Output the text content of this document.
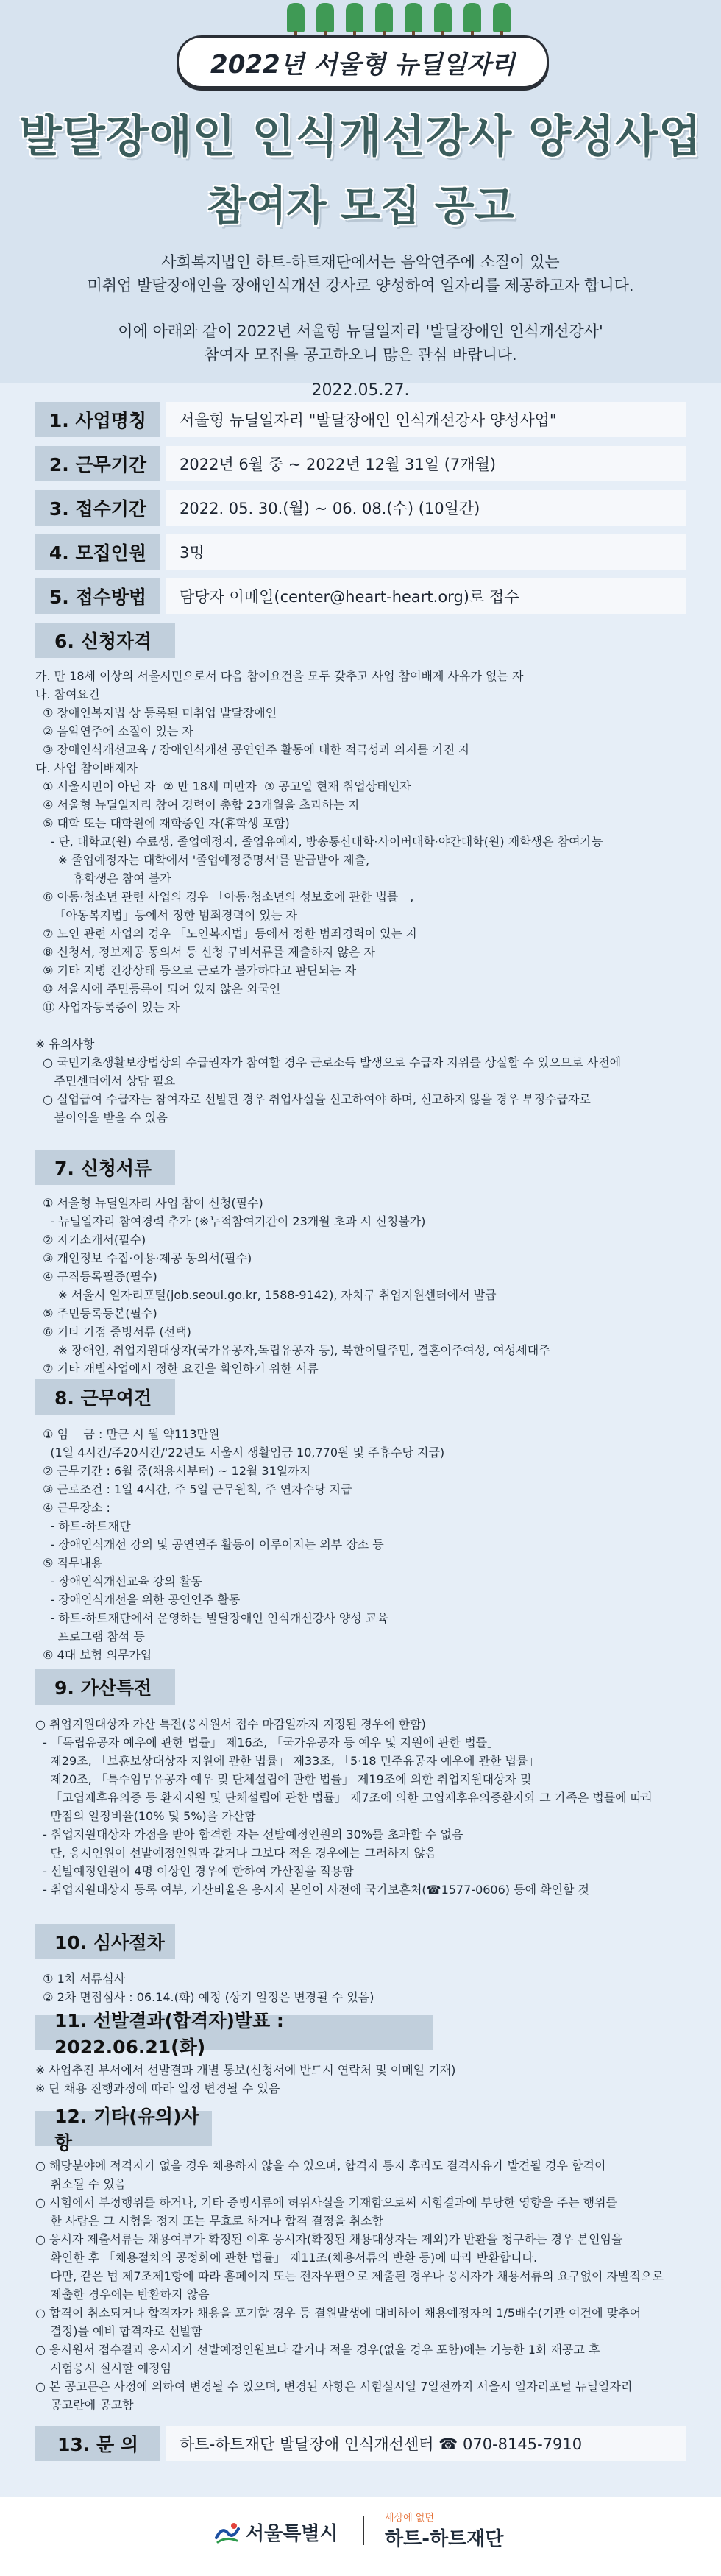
2022년 서울형 뉴딜일자리
발달장애인 인식개선강사 양성사업
참여자 모집 공고
사회복지법인 하트-하트재단에서는 음악연주에 소질이 있는
미취업 발달장애인을 장애인식개선 강사로 양성하여 일자리를 제공하고자 합니다.
이에 아래와 같이 2022년 서울형 뉴딜일자리 '발달장애인 인식개선강사'
참여자 모집을 공고하오니 많은 관심 바랍니다.
2022.05.27.
1. 사업명칭	서울형 뉴딜일자리 "발달장애인 인식개선강사 양성사업"
2. 근무기간	2022년 6월 중 ~ 2022년 12월 31일 (7개월)
3. 접수기간	2022. 05. 30.(월) ~ 06. 08.(수) (10일간)
4. 모집인원	3명
5. 접수방법	담당자 이메일(center@heart-heart.org)로 접수
6. 신청자격
가. 만 18세 이상의 서울시민으로서 다음 참여요건을 모두 갖추고 사업 참여배제 사유가 없는 자
나. 참여요건
① 장애인복지법 상 등록된 미취업 발달장애인
② 음악연주에 소질이 있는 자
③ 장애인식개선교육 / 장애인식개선 공연연주 활동에 대한 적극성과 의지를 가진 자
다. 사업 참여배제자
① 서울시민이 아닌 자  ② 만 18세 미만자  ③ 공고일 현재 취업상태인자
④ 서울형 뉴딜일자리 참여 경력이 총합 23개월을 초과하는 자
⑤ 대학 또는 대학원에 재학중인 자(휴학생 포함)
- 단, 대학교(원) 수료생, 졸업예정자, 졸업유예자, 방송통신대학·사이버대학·야간대학(원) 재학생은 참여가능
※ 졸업예정자는 대학에서 '졸업예정증명서'를 발급받아 제출,
휴학생은 참여 불가
⑥ 아동·청소년 관련 사업의 경우 「아동·청소년의 성보호에 관한 법률」,
「아동복지법」등에서 정한 범죄경력이 있는 자
⑦ 노인 관련 사업의 경우 「노인복지법」등에서 정한 범죄경력이 있는 자
⑧ 신청서, 정보제공 동의서 등 신청 구비서류를 제출하지 않은 자
⑨ 기타 지병 건강상태 등으로 근로가 불가하다고 판단되는 자
⑩ 서울시에 주민등록이 되어 있지 않은 외국인
⑪ 사업자등록증이 있는 자

※ 유의사항
○ 국민기초생활보장법상의 수급권자가 참여할 경우 근로소득 발생으로 수급자 지위를 상실할 수 있으므로 사전에
주민센터에서 상담 필요
○ 실업급여 수급자는 참여자로 선발된 경우 취업사실을 신고하여야 하며, 신고하지 않을 경우 부정수급자로
불이익을 받을 수 있음
7. 신청서류
① 서울형 뉴딜일자리 사업 참여 신청(필수)
- 뉴딜일자리 참여경력 추가 (※누적참여기간이 23개월 초과 시 신청불가)
② 자기소개서(필수)
③ 개인정보 수집·이용·제공 동의서(필수)
④ 구직등록필증(필수)
※ 서울시 일자리포털(job.seoul.go.kr, 1588-9142), 자치구 취업지원센터에서 발급
⑤ 주민등록등본(필수)
⑥ 기타 가점 증빙서류 (선택)
※ 장애인, 취업지원대상자(국가유공자,독립유공자 등), 북한이탈주민, 결혼이주여성, 여성세대주
⑦ 기타 개별사업에서 정한 요건을 확인하기 위한 서류
8. 근무여건
① 임    금 : 만근 시 월 약113만원
(1일 4시간/주20시간/'22년도 서울시 생활임금 10,770원 및 주휴수당 지급)
② 근무기간 : 6월 중(채용시부터) ~ 12월 31일까지
③ 근로조건 : 1일 4시간, 주 5일 근무원칙, 주 연차수당 지급
④ 근무장소 :
- 하트-하트재단
- 장애인식개선 강의 및 공연연주 활동이 이루어지는 외부 장소 등
⑤ 직무내용
- 장애인식개선교육 강의 활동
- 장애인식개선을 위한 공연연주 활동
- 하트-하트재단에서 운영하는 발달장애인 인식개선강사 양성 교육
프로그램 참석 등
⑥ 4대 보험 의무가입
9. 가산특전
○ 취업지원대상자 가산 특전(응시원서 접수 마감일까지 지정된 경우에 한함)
- 「독립유공자 예우에 관한 법률」 제16조, 「국가유공자 등 예우 및 지원에 관한 법률」
제29조, 「보훈보상대상자 지원에 관한 법률」 제33조, 「5·18 민주유공자 예우에 관한 법률」
제20조, 「특수임무유공자 예우 및 단체설립에 관한 법률」 제19조에 의한 취업지원대상자 및
「고엽제후유의증 등 환자지원 및 단체설립에 관한 법률」 제7조에 의한 고엽제후유의증환자와 그 가족은 법률에 따라
만점의 일정비율(10% 및 5%)을 가산함
- 취업지원대상자 가점을 받아 합격한 자는 선발예정인원의 30%를 초과할 수 없음
단, 응시인원이 선발예정인원과 같거나 그보다 적은 경우에는 그러하지 않음
- 선발예정인원이 4명 이상인 경우에 한하여 가산점을 적용함
- 취업지원대상자 등록 여부, 가산비율은 응시자 본인이 사전에 국가보훈처(☎1577-0606) 등에 확인할 것
10. 심사절차
① 1차 서류심사
② 2차 면접심사 : 06.14.(화) 예정 (상기 일정은 변경될 수 있음)
11. 선발결과(합격자)발표 : 2022.06.21(화)
※ 사업추진 부서에서 선발결과 개별 통보(신청서에 반드시 연락처 및 이메일 기재)
※ 단 채용 진행과정에 따라 일정 변경될 수 있음
12. 기타(유의)사항
○ 해당분야에 적격자가 없을 경우 채용하지 않을 수 있으며, 합격자 통지 후라도 결격사유가 발견될 경우 합격이
취소될 수 있음
○ 시험에서 부정행위를 하거나, 기타 증빙서류에 허위사실을 기재함으로써 시험결과에 부당한 영향을 주는 행위를
한 사람은 그 시험을 정지 또는 무효로 하거나 합격 결정을 취소함
○ 응시자 제출서류는 채용여부가 확정된 이후 응시자(확정된 채용대상자는 제외)가 반환을 청구하는 경우 본인임을
확인한 후 「채용절차의 공정화에 관한 법률」 제11조(채용서류의 반환 등)에 따라 반환합니다.
다만, 같은 법 제7조제1항에 따라 홈페이지 또는 전자우편으로 제출된 경우나 응시자가 채용서류의 요구없이 자발적으로
제출한 경우에는 반환하지 않음
○ 합격이 취소되거나 합격자가 채용을 포기할 경우 등 결원발생에 대비하여 채용예정자의 1/5배수(기관 여건에 맞추어
결정)를 예비 합격자로 선발함
○ 응시원서 접수결과 응시자가 선발예정인원보다 같거나 적을 경우(없을 경우 포함)에는 가능한 1회 재공고 후
시험응시 실시할 예정임
○ 본 공고문은 사정에 의하여 변경될 수 있으며, 변경된 사항은 시험실시일 7일전까지 서울시 일자리포털 뉴딜일자리
공고란에 공고함
13. 문 의	하트-하트재단 발달장애 인식개선센터 ☎ 070-8145-7910
서울특별시
세상에 없던
하트-하트재단
